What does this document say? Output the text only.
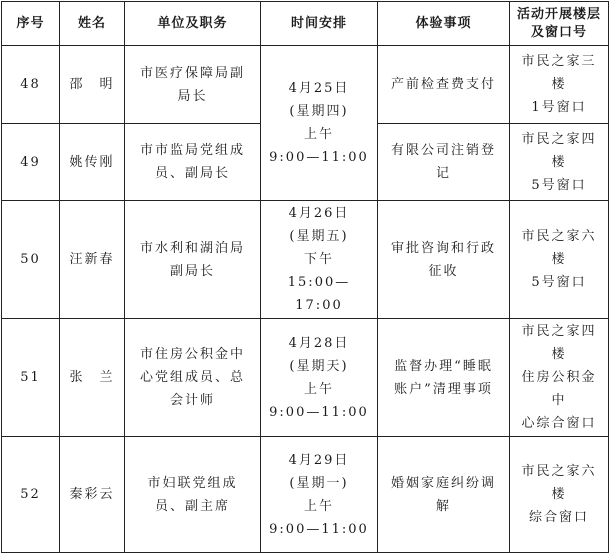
序号	姓名	单位及职务	时间安排	体验事项	活动开展楼层
及窗口号

48	邵　明	市医疗保障局副
局长	4月25日
(星期四)
上午
9:00—11:00	产前检查费支付	市民之家三楼
1号窗口

49	姚传刚	市市监局党组成
员、副局长		有限公司注销登
记	市民之家四楼
5号窗口

50	汪新春	市水利和湖泊局
副局长	4月26日
(星期五)
下午
15:00—17:00	审批咨询和行政
征收	市民之家六楼
5号窗口

51	张　兰	市住房公积金中
心党组成员、总
会计师	4月28日
(星期天)
上午
9:00—11:00	监督办理“睡眠
账户”清理事项	市民之家四楼
住房公积金中
心综合窗口

52	秦彩云	市妇联党组成
员、副主席	4月29日
(星期一)
上午
9:00—11:00	婚姻家庭纠纷调
解	市民之家六楼
综合窗口
